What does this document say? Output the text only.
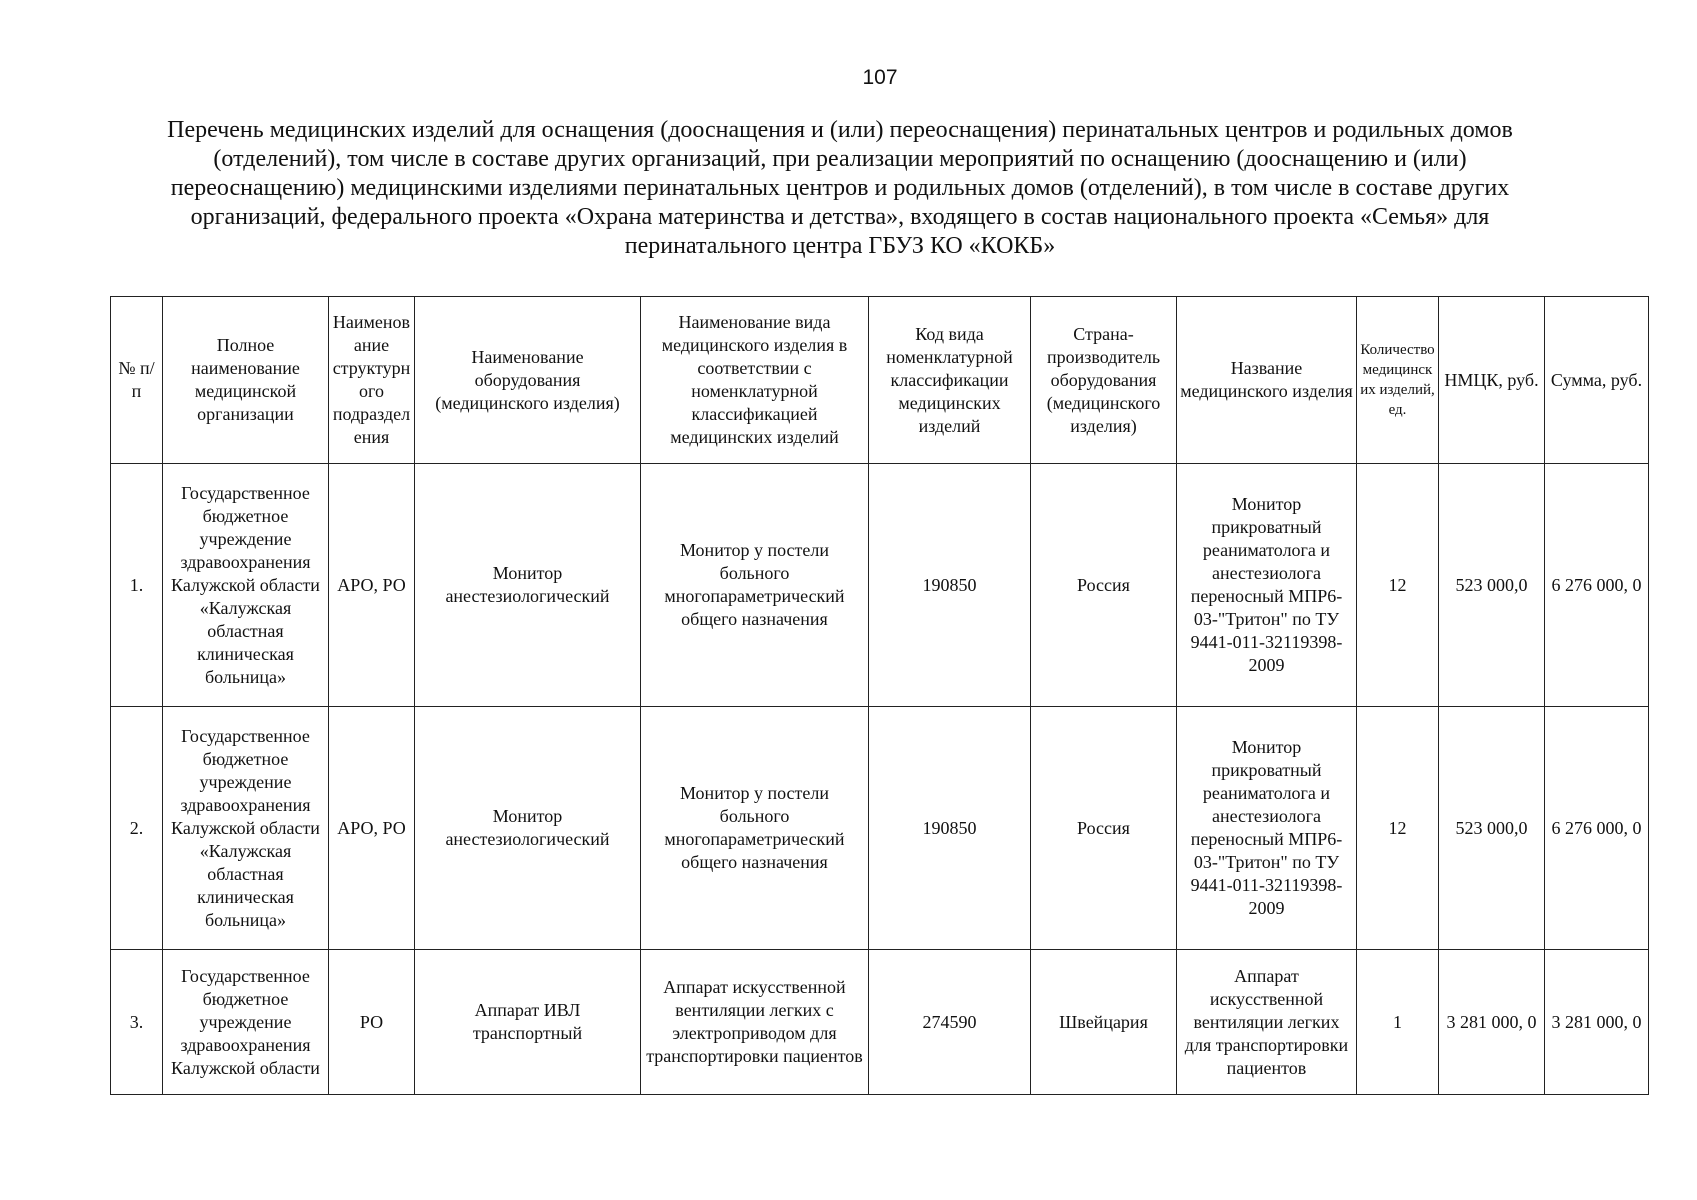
107
Перечень медицинских изделий для оснащения (дооснащения и (или) переоснащения) перинатальных центров и родильных домов
(отделений), том числе в составе других организаций, при реализации мероприятий по оснащению (дооснащению и (или)
переоснащению) медицинскими изделиями перинатальных центров и родильных домов (отделений), в том числе в составе других
организаций, федерального проекта «Охрана материнства и детства», входящего в состав национального проекта «Семья» для
перинатального центра ГБУЗ КО «КОКБ»
№ п/п	Полное наименование медицинской организации	Наименование структурного подразделения	Наименование оборудования (медицинского изделия)	Наименование вида медицинского изделия в соответствии с номенклатурной классификацией медицинских изделий	Код вида номенклатурной классификации медицинских изделий	Страна-производитель оборудования (медицинского изделия)	Название медицинского изделия	Количество медицинских изделий, ед.	НМЦК, руб.	Сумма, руб.
1.	Государственное бюджетное учреждение здравоохранения Калужской области «Калужская областная клиническая больница»	АРО, РО	Монитор анестезиологический	Монитор у постели больного многопараметрический общего назначения	190850	Россия	Монитор прикроватный реаниматолога и анестезиолога переносный МПР6-03-"Тритон" по ТУ 9441-011-32119398-2009	12	523 000,0	6 276 000, 0
2.	Государственное бюджетное учреждение здравоохранения Калужской области «Калужская областная клиническая больница»	АРО, РО	Монитор анестезиологический	Монитор у постели больного многопараметрический общего назначения	190850	Россия	Монитор прикроватный реаниматолога и анестезиолога переносный МПР6-03-"Тритон" по ТУ 9441-011-32119398-2009	12	523 000,0	6 276 000, 0
3.	Государственное бюджетное учреждение здравоохранения Калужской области	РО	Аппарат ИВЛ транспортный	Аппарат искусственной вентиляции легких с электроприводом для транспортировки пациентов	274590	Швейцария	Аппарат искусственной вентиляции легких для транспортировки пациентов	1	3 281 000, 0	3 281 000, 0
